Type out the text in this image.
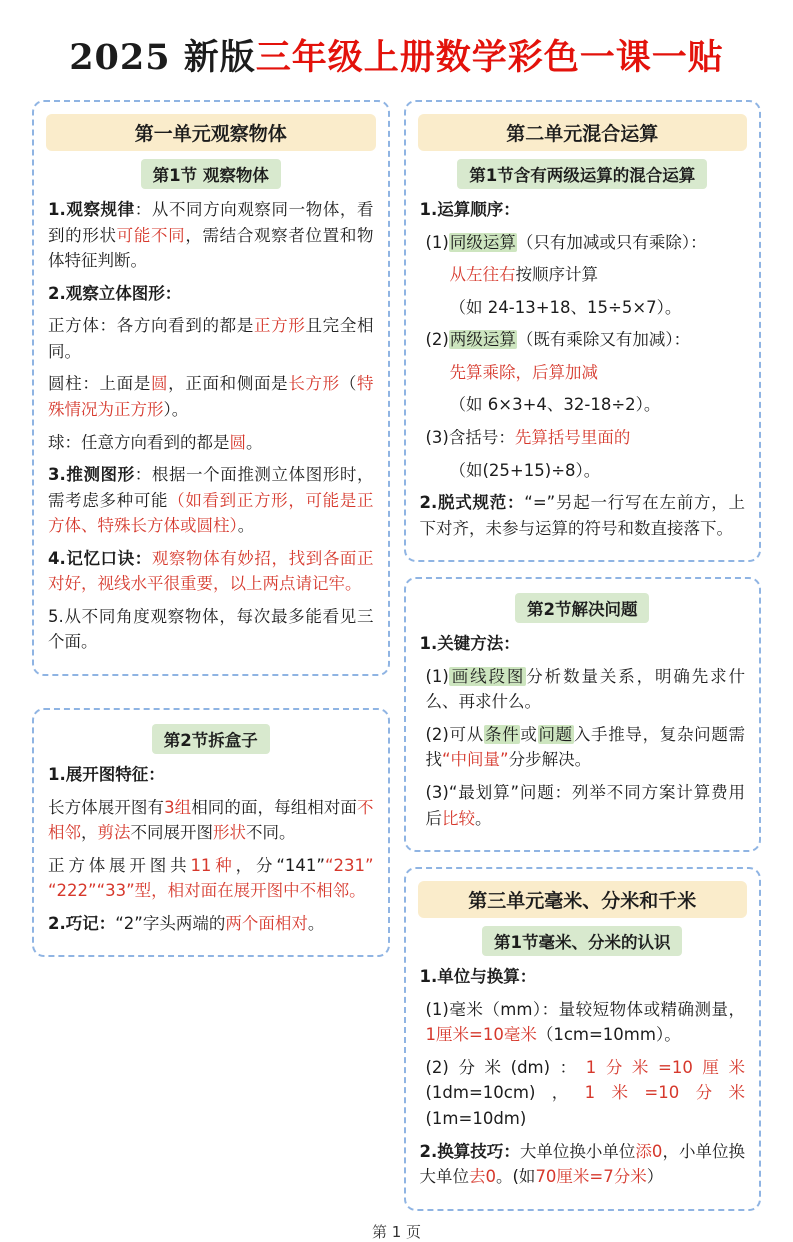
2025 新版三年级上册数学彩色一课一贴
第一单元观察物体
第1节 观察物体

1.观察规律：从不同方向观察同一物体，看到的形状可能不同，需结合观察者位置和物体特征判断。

2.观察立体图形：

正方体：各方向看到的都是正方形且完全相同。

圆柱：上面是圆，正面和侧面是长方形（特殊情况为正方形）。

球：任意方向看到的都是圆。

3.推测图形：根据一个面推测立体图形时，需考虑多种可能（如看到正方形，可能是正方体、特殊长方体或圆柱）。

4.记忆口诀：观察物体有妙招，找到各面正对好，视线水平很重要，以上两点请记牢。

5.从不同角度观察物体，每次最多能看见三个面。

第2节拆盒子

1.展开图特征：

长方体展开图有3组相同的面，每组相对面不相邻，剪法不同展开图形状不同。

正方体展开图共11种，分“141”“231”“222”“33”型，相对面在展开图中不相邻。

2.巧记：“2”字头两端的两个面相对。

第二单元混合运算
第1节含有两级运算的混合运算

1.运算顺序：

(1)同级运算（只有加减或只有乘除）：

从左往右按顺序计算

（如 24-13+18、15÷5×7）。

(2)两级运算（既有乘除又有加减）：

先算乘除，后算加减

（如 6×3+4、32-18÷2）。

(3)含括号：先算括号里面的

（如(25+15)÷8）。

2.脱式规范：“=”另起一行写在左前方，上下对齐，未参与运算的符号和数直接落下。

第2节解决问题

1.关键方法：

(1)画线段图分析数量关系，明确先求什么、再求什么。

(2)可从条件或问题入手推导，复杂问题需找“中间量”分步解决。

(3)“最划算”问题：列举不同方案计算费用后比较。

第三单元毫米、分米和千米
第1节毫米、分米的认识

1.单位与换算：

(1)毫米（mm）：量较短物体或精确测量，1厘米=10毫米（1cm=10mm）。

(2)分米(dm)：1分米=10厘米(1dm=10cm)，1米=10分米(1m=10dm)

2.换算技巧：大单位换小单位添0，小单位换大单位去0。(如70厘米=7分米）

第 1 页
